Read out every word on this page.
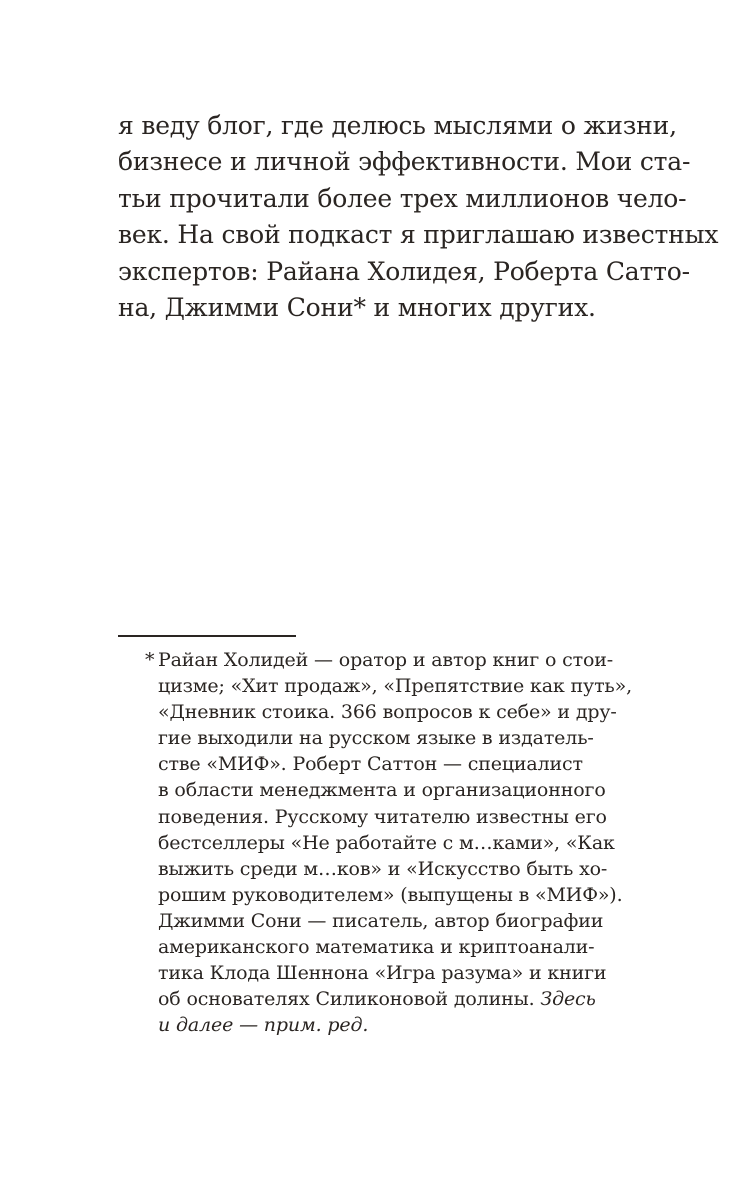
я веду блог, где делюсь мыслями о жизни,
бизнесе и личной эффективности. Мои ста-
тьи прочитали более трех миллионов чело-
век. На свой подкаст я приглашаю известных
экспертов: Райана Холидея, Роберта Сатто-
на, Джимми Сони* и многих других.
* Райан Холидей — оратор и автор книг о стои-
цизме; «Хит продаж», «Препятствие как путь»,
«Дневник стоика. 366 вопросов к себе» и дру-
гие выходили на русском языке в издатель-
стве «МИФ». Роберт Саттон — специалист
в области менеджмента и организационного
поведения. Русскому читателю известны его
бестселлеры «Не работайте с м…ками», «Как
выжить среди м…ков» и «Искусство быть хо-
рошим руководителем» (выпущены в «МИФ»).
Джимми Сони — писатель, автор биографии
американского математика и криптоанали-
тика Клода Шеннона «Игра разума» и книги
об основателях Силиконовой долины. Здесь
и далее — прим. ред.
